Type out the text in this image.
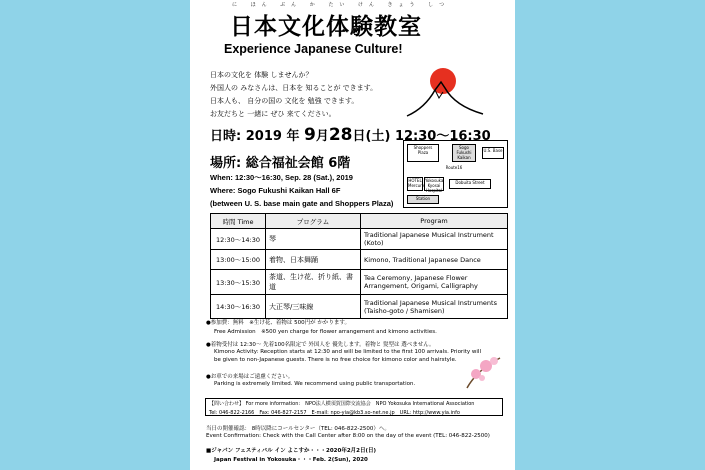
に ほん ぶん か たい けん きょう しつ
日本文化体験教室
Experience Japanese Culture!
日本の文化を 体験 しませんか？
外国人の みなさんは、日本を 知ることが できます。
日本人も、 自分の国の 文化を 勉強 できます。
お友だちと 一緒に ぜひ 来てください。
日時: 2019 年 9月28日(土) 12:30～16:30
場所: 総合福祉会館 6階
When: 12:30～16:30, Sep. 28 (Sat.), 2019
Where: Sogo Fukushi Kaikan Hall 6F
(between U. S. base main gate and Shoppers Plaza)
Shoppers Plaza
Sogo Fukushi Kaikan
U.S. Base
Route16
HOTEL Mercure
Yokosuka Kyosai Hospital
Dobuita Street
Station
時間 Time	プログラム	Program
12:30～14:30	琴	Traditional Japanese Musical Instrument (Koto)
13:00～15:00	着物、日本舞踊	Kimono, Traditional Japanese Dance
13:30～15:30	茶道、生け花、折り紙、書道	Tea Ceremony, Japanese Flower Arrangement, Origami, Calligraphy
14:30～16:30	大正琴/三味線	Traditional Japanese Musical Instruments (Taisho-goto / Shamisen)
●参加費：無料　※生け花、着物は 500円が かかります。
Free Admission　※500 yen charge for flower arrangement and kimono activities.
●着物受付は 12:30～ 先着100名限定で 外国人を 優先します。着物と 髪型は 選べません。
Kimono Activity: Reception starts at 12:30 and will be limited to the first 100 arrivals. Priority will
be given to non-Japanese guests. There is no free choice for kimono color and hairstyle.
●お車での来場はご遠慮ください。
Parking is extremely limited. We recommend using public transportation.
【問い合わせ】 For more information:　NPO法人横須賀国際交流協会　NPO Yokosuka International Association
Tel: 046-822-2166　Fax: 046-827-2157　E-mail: npo-yia@kb3.so-net.ne.jp　URL: http://www.yia.info
当日の開催確認： 8時以降にコールセンター（TEL: 046-822-2500）へ。
Event Confirmation: Check with the Call Center after 8:00 on the day of the event (TEL: 046-822-2500)
■ジャパン フェスティバル イン よこすか・・・2020年2月2日(日)
Japan Festival in Yokosuka・・・Feb. 2(Sun), 2020
